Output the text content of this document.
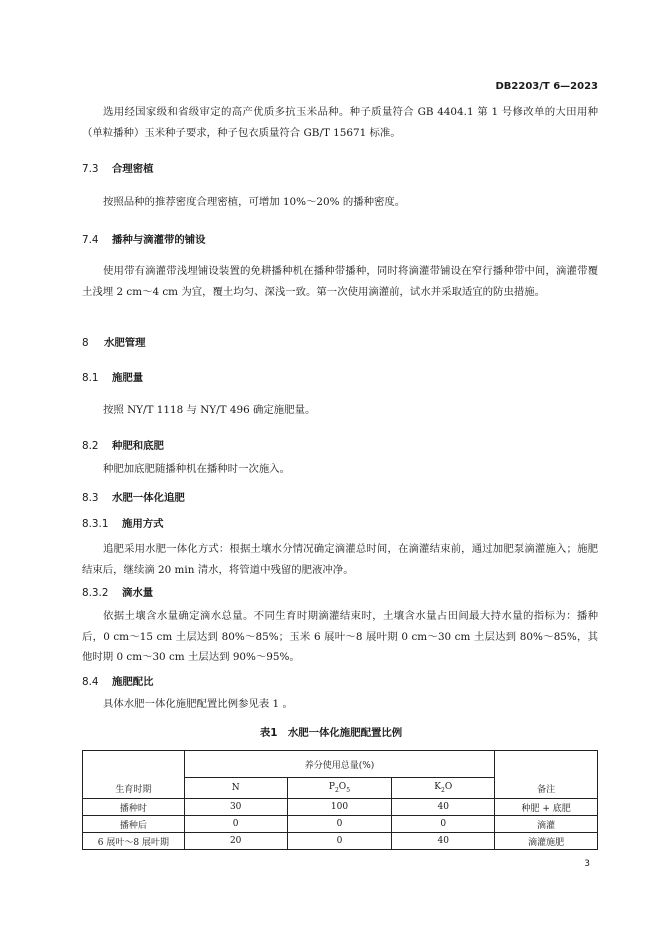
DB2203/T 6—2023
选用经国家级和省级审定的高产优质多抗玉米品种。种子质量符合 GB 4404.1 第 1 号修改单的大田用种（单粒播种）玉米种子要求，种子包衣质量符合 GB/T 15671 标准。
7.3 合理密植
按照品种的推荐密度合理密植，可增加 10%～20% 的播种密度。
7.4 播种与滴灌带的铺设
使用带有滴灌带浅埋铺设装置的免耕播种机在播种带播种，同时将滴灌带铺设在窄行播种带中间，滴灌带覆土浅埋 2 cm～4 cm 为宜，覆土均匀、深浅一致。第一次使用滴灌前，试水并采取适宜的防虫措施。
8 水肥管理
8.1 施肥量
按照 NY/T 1118 与 NY/T 496 确定施肥量。
8.2 种肥和底肥
种肥加底肥随播种机在播种时一次施入。
8.3 水肥一体化追肥
8.3.1 施用方式
追肥采用水肥一体化方式：根据土壤水分情况确定滴灌总时间，在滴灌结束前，通过加肥泵滴灌施入；施肥结束后，继续滴 20 min 清水，将管道中残留的肥液冲净。
8.3.2 滴水量
依据土壤含水量确定滴水总量。不同生育时期滴灌结束时，土壤含水量占田间最大持水量的指标为：播种后，0 cm～15 cm 土层达到 80%～85%；玉米 6 展叶～8 展叶期 0 cm～30 cm 土层达到 80%～85%，其他时期 0 cm～30 cm 土层达到 90%～95%。
8.4 施肥配比
具体水肥一体化施肥配置比例参见表 1 。
表1　水肥一体化施肥配置比例
生育时期	养分使用总量(%)			备注
	N	$P_2O_5$	$K_2O$	
播种时	30	100	40	种肥 + 底肥
播种后	0	0	0	滴灌
6 展叶～8 展叶期	20	0	40	滴灌施肥
3
